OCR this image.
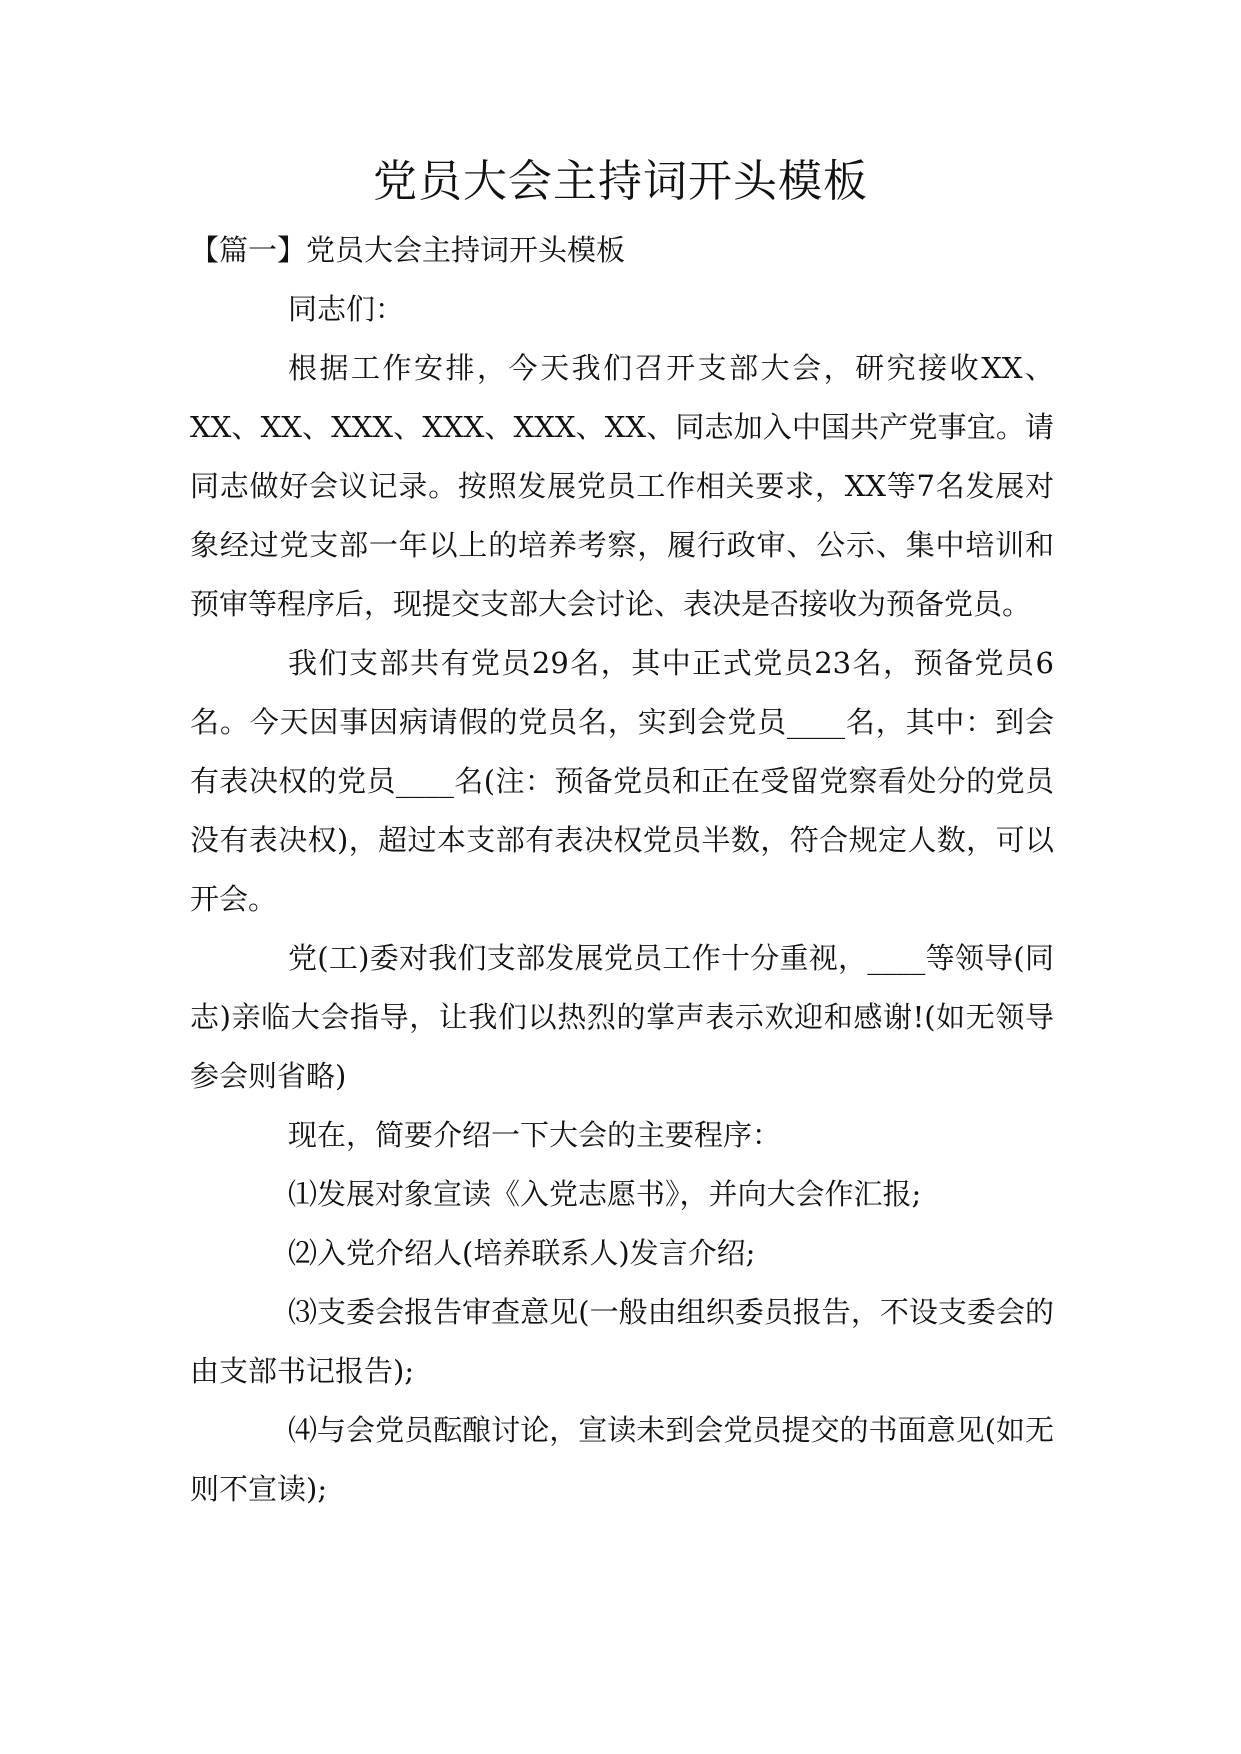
党员大会主持词开头模板

【篇一】党员大会主持词开头模板

同志们：

根据工作安排，今天我们召开支部大会，研究接收XX、XX、XX、XXX、XXX、XXX、XX、同志加入中国共产党事宜。请同志做好会议记录。按照发展党员工作相关要求，XX等7名发展对象经过党支部一年以上的培养考察，履行政审、公示、集中培训和预审等程序后，现提交支部大会讨论、表决是否接收为预备党员。

我们支部共有党员29名，其中正式党员23名，预备党员6名。今天因事因病请假的党员名，实到会党员____名，其中：到会有表决权的党员____名(注：预备党员和正在受留党察看处分的党员没有表决权)，超过本支部有表决权党员半数，符合规定人数，可以开会。

党(工)委对我们支部发展党员工作十分重视，____等领导(同志)亲临大会指导，让我们以热烈的掌声表示欢迎和感谢!(如无领导参会则省略)

现在，简要介绍一下大会的主要程序：

⑴发展对象宣读《入党志愿书》，并向大会作汇报;

⑵入党介绍人(培养联系人)发言介绍;

⑶支委会报告审查意见(一般由组织委员报告，不设支委会的由支部书记报告);

⑷与会党员酝酿讨论，宣读未到会党员提交的书面意见(如无则不宣读);
